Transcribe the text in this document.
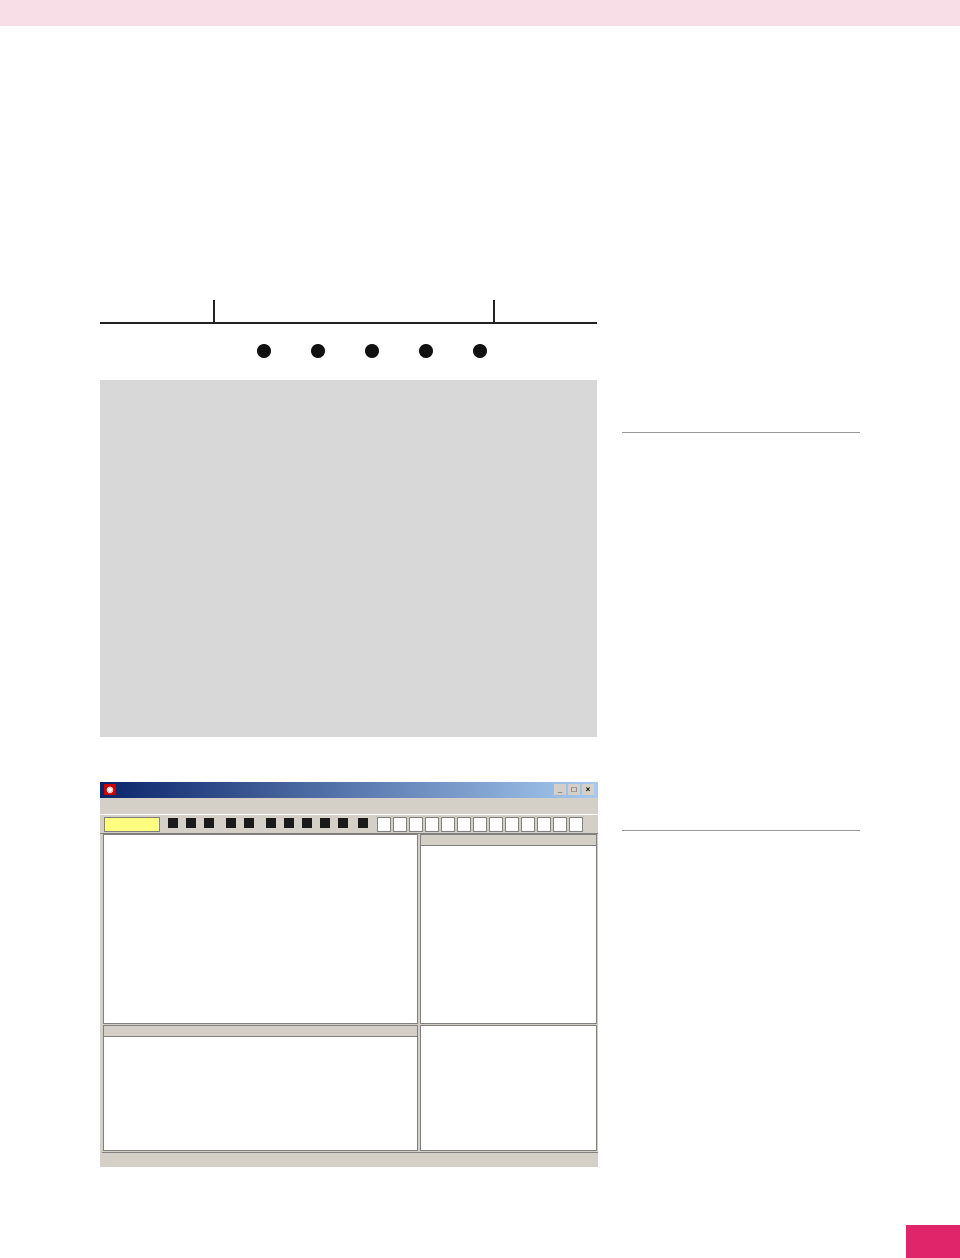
◉	_	□	×
